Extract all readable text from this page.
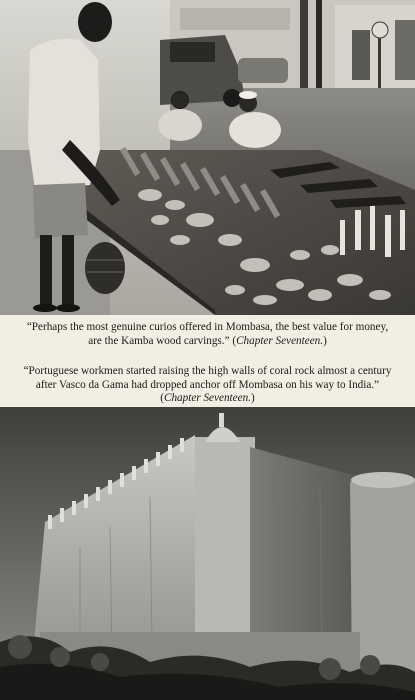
“Perhaps the most genuine curios offered in Mombasa, the best value for money, are the Kamba wood carvings.” (Chapter Seventeen.)

“Portuguese workmen started raising the high walls of coral rock almost a century after Vasco da Gama had dropped anchor off Mombasa on his way to India.” (Chapter Seventeen.)
